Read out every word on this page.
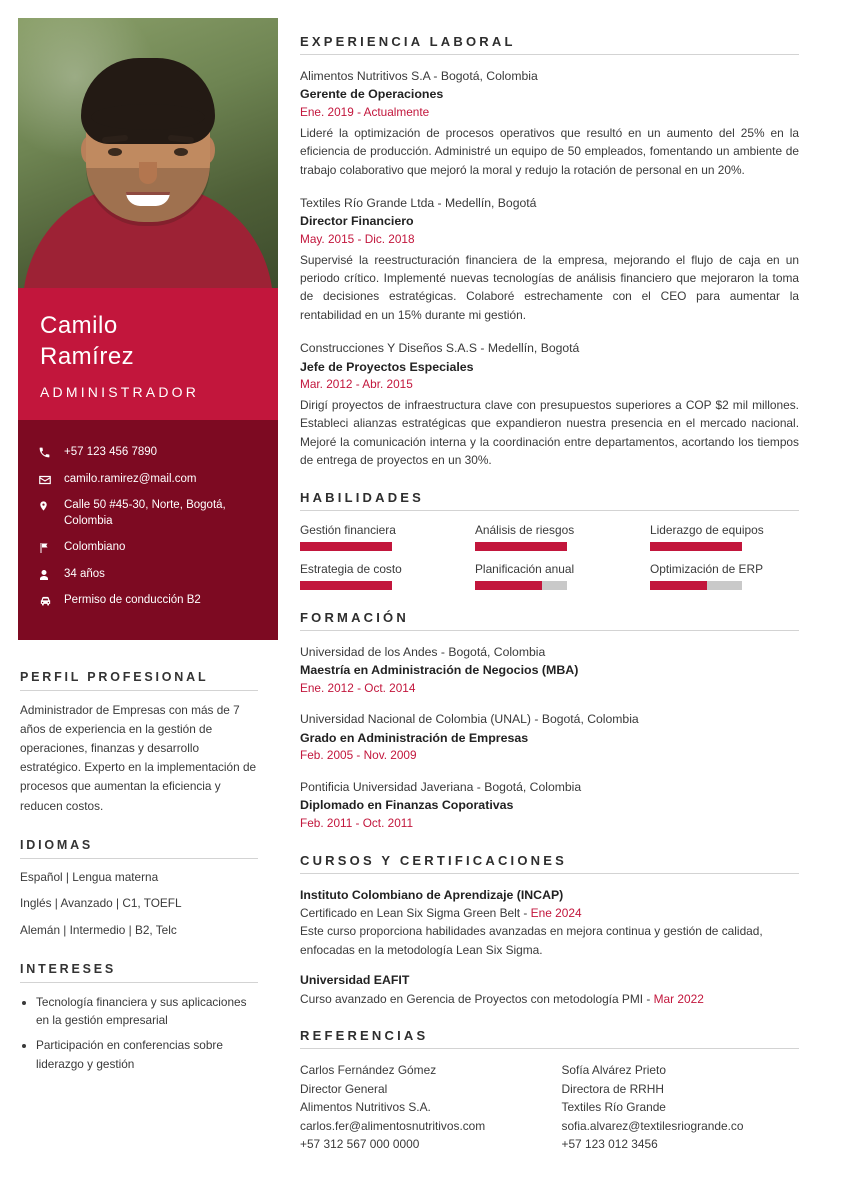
Camilo
Ramírez
ADMINISTRADOR
+57 123 456 7890
camilo.ramirez@mail.com
Calle 50 #45-30, Norte, Bogotá,
Colombia
Colombiano
34 años
Permiso de conducción B2
PERFIL PROFESIONAL
Administrador de Empresas con más de 7 años de experiencia en la gestión de operaciones, finanzas y desarrollo estratégico. Experto en la implementación de procesos que aumentan la eficiencia y reducen costos.
IDIOMAS
Español | Lengua materna
Inglés | Avanzado | C1, TOEFL
Alemán | Intermedio | B2, Telc
INTERESES
• Tecnología financiera y sus aplicaciones en la gestión empresarial
• Participación en conferencias sobre liderazgo y gestión
EXPERIENCIA LABORAL
Alimentos Nutritivos S.A - Bogotá, Colombia
Gerente de Operaciones
Ene. 2019 - Actualmente
Lideré la optimización de procesos operativos que resultó en un aumento del 25% en la eficiencia de producción. Administré un equipo de 50 empleados, fomentando un ambiente de trabajo colaborativo que mejoró la moral y redujo la rotación de personal en un 20%.
Textiles Río Grande Ltda - Medellín, Bogotá
Director Financiero
May. 2015 - Dic. 2018
Supervisé la reestructuración financiera de la empresa, mejorando el flujo de caja en un periodo crítico. Implementé nuevas tecnologías de análisis financiero que mejoraron la toma de decisiones estratégicas. Colaboré estrechamente con el CEO para aumentar la rentabilidad en un 15% durante mi gestión.
Construcciones Y Diseños S.A.S - Medellín, Bogotá
Jefe de Proyectos Especiales
Mar. 2012 - Abr. 2015
Dirigí proyectos de infraestructura clave con presupuestos superiores a COP $2 mil millones. Estableci alianzas estratégicas que expandieron nuestra presencia en el mercado nacional. Mejoré la comunicación interna y la coordinación entre departamentos, acortando los tiempos de entrega de proyectos en un 30%.
HABILIDADES
Gestión financiera	Análisis de riesgos	Liderazgo de equipos
Estrategia de costo	Planificación anual	Optimización de ERP
FORMACIÓN
Universidad de los Andes - Bogotá, Colombia
Maestría en Administración de Negocios (MBA)
Ene. 2012 - Oct. 2014
Universidad Nacional de Colombia (UNAL) - Bogotá, Colombia
Grado en Administración de Empresas
Feb. 2005 - Nov. 2009
Pontificia Universidad Javeriana - Bogotá, Colombia
Diplomado en Finanzas Coporativas
Feb. 2011 - Oct. 2011
CURSOS Y CERTIFICACIONES
Instituto Colombiano de Aprendizaje (INCAP)
Certificado en Lean Six Sigma Green Belt - Ene 2024
Este curso proporciona habilidades avanzadas en mejora continua y gestión de calidad, enfocadas en la metodología Lean Six Sigma.
Universidad EAFIT
Curso avanzado en Gerencia de Proyectos con metodología PMI - Mar 2022
REFERENCIAS
Carlos Fernández Gómez
Director General
Alimentos Nutritivos S.A.
carlos.fer@alimentosnutritivos.com
+57 312 567 000 0000
Sofía Alvárez Prieto
Directora de RRHH
Textiles Río Grande
sofia.alvarez@textilesriogrande.co
+57 123 012 3456
